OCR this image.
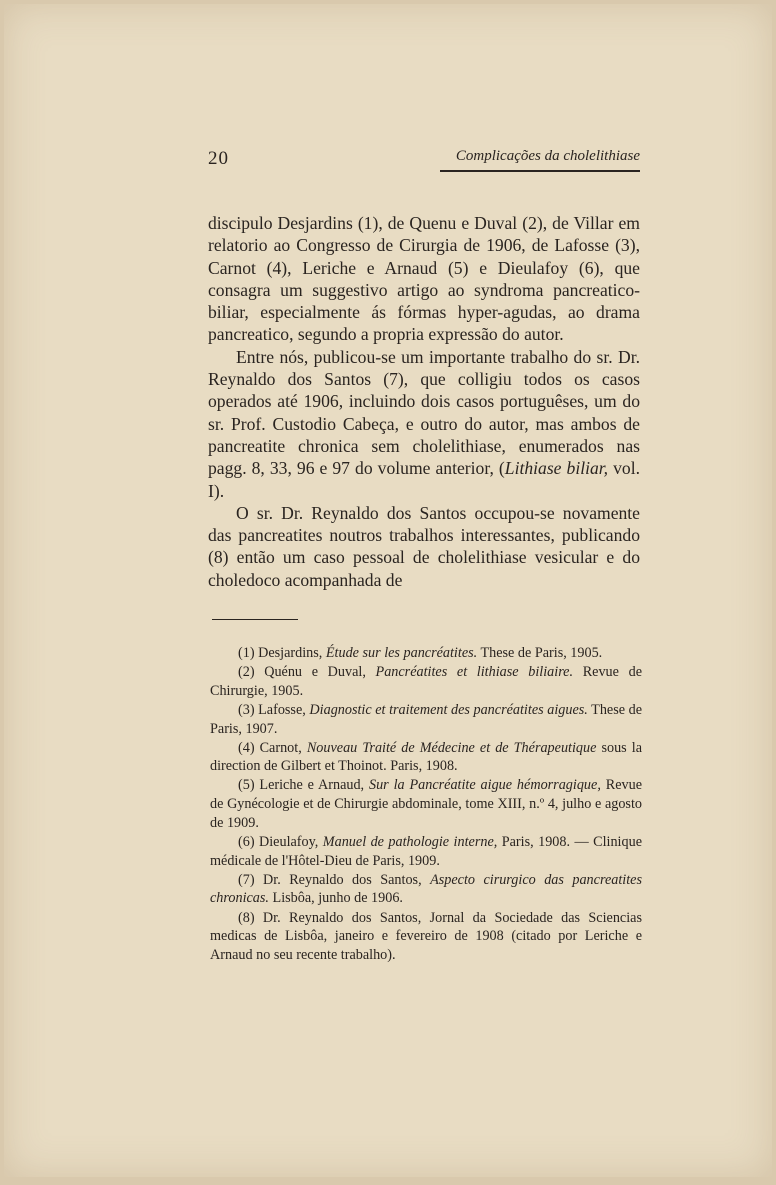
20	Complicações da cholelithiase

discipulo Desjardins (1), de Quenu e Duval (2), de Villar em relatorio ao Congresso de Cirurgia de 1906, de Lafosse (3), Carnot (4), Leriche e Arnaud (5) e Dieulafoy (6), que consagra um suggestivo artigo ao syndroma pancreatico-biliar, especialmente ás fórmas hyper-agudas, ao drama pancreatico, segundo a propria expressão do autor.

Entre nós, publicou-se um importante trabalho do sr. Dr. Reynaldo dos Santos (7), que colligiu todos os casos operados até 1906, incluindo dois casos portuguêses, um do sr. Prof. Custodio Cabeça, e outro do autor, mas ambos de pancreatite chronica sem cholelithiase, enumerados nas pagg. 8, 33, 96 e 97 do volume anterior, (Lithiase biliar, vol. I).

O sr. Dr. Reynaldo dos Santos occupou-se novamente das pancreatites noutros trabalhos interessantes, publicando (8) então um caso pessoal de cholelithiase vesicular e do choledoco acompanhada de

(1) Desjardins, Étude sur les pancréatites. These de Paris, 1905.

(2) Quénu e Duval, Pancréatites et lithiase biliaire. Revue de Chirurgie, 1905.

(3) Lafosse, Diagnostic et traitement des pancréatites aigues. These de Paris, 1907.

(4) Carnot, Nouveau Traité de Médecine et de Thérapeutique sous la direction de Gilbert et Thoinot. Paris, 1908.

(5) Leriche e Arnaud, Sur la Pancréatite aigue hémorragique, Revue de Gynécologie et de Chirurgie abdominale, tome XIII, n.º 4, julho e agosto de 1909.

(6) Dieulafoy, Manuel de pathologie interne, Paris, 1908. — Clinique médicale de l'Hôtel-Dieu de Paris, 1909.

(7) Dr. Reynaldo dos Santos, Aspecto cirurgico das pancreatites chronicas. Lisbôa, junho de 1906.

(8) Dr. Reynaldo dos Santos, Jornal da Sociedade das Sciencias medicas de Lisbôa, janeiro e fevereiro de 1908 (citado por Leriche e Arnaud no seu recente trabalho).
